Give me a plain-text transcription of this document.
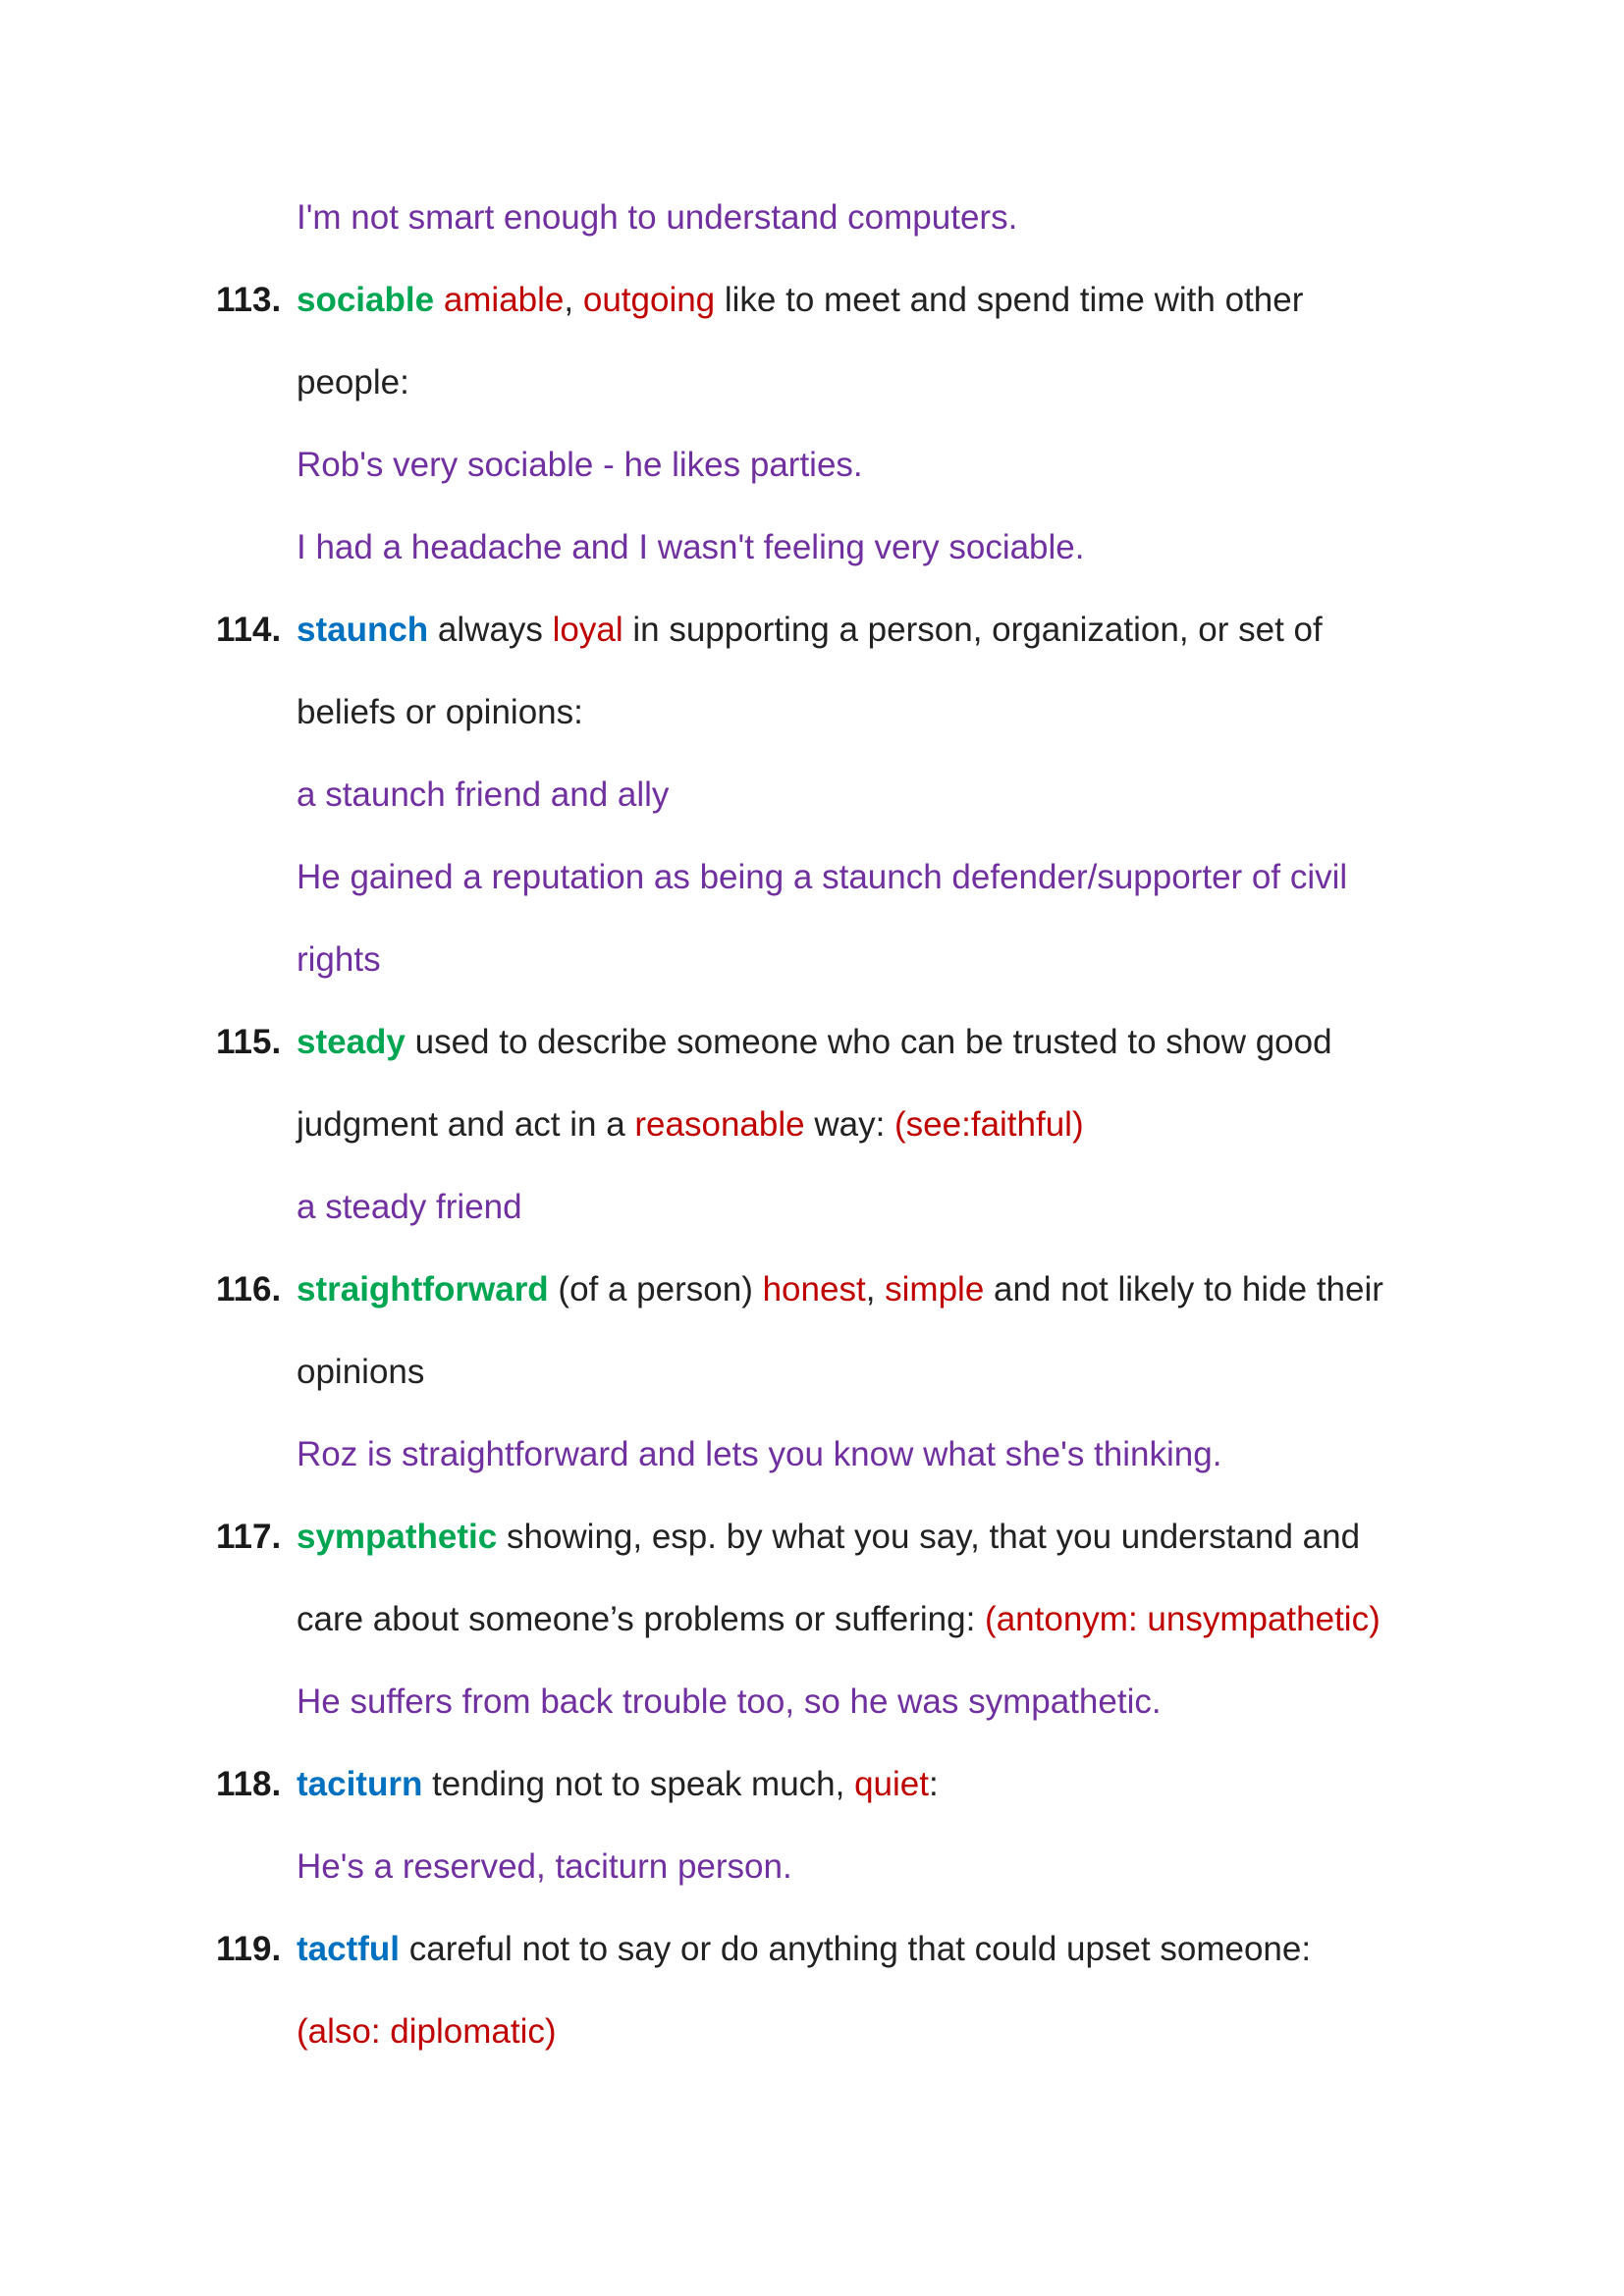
I'm not smart enough to understand computers.
113. sociable amiable, outgoing like to meet and spend time with other
people:
Rob's very sociable - he likes parties.
I had a headache and I wasn't feeling very sociable.
114. staunch always loyal in supporting a person, organization, or set of
beliefs or opinions:
a staunch friend and ally
He gained a reputation as being a staunch defender/supporter of civil
rights
115. steady used to describe someone who can be trusted to show good
judgment and act in a reasonable way: (see:faithful)
a steady friend
116. straightforward (of a person) honest, simple and not likely to hide their
opinions
Roz is straightforward and lets you know what she's thinking.
117. sympathetic showing, esp. by what you say, that you understand and
care about someone’s problems or suffering: (antonym: unsympathetic)
He suffers from back trouble too, so he was sympathetic.
118. taciturn tending not to speak much, quiet:
He's a reserved, taciturn person.
119. tactful careful not to say or do anything that could upset someone:
(also: diplomatic)
